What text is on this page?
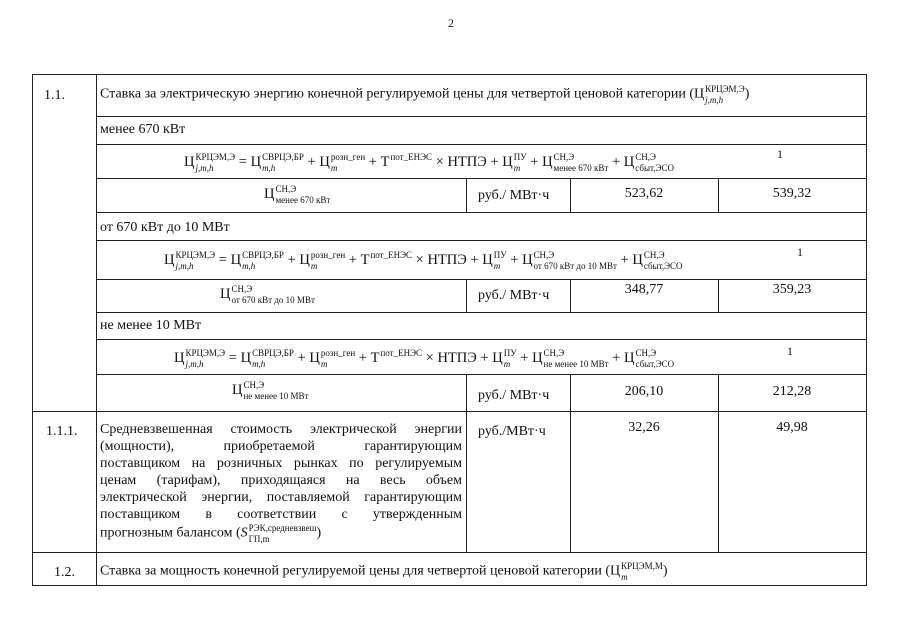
2
1.1.	Ставка за электрическую энергию конечной регулируемой цены для четвертой ценовой категории (Ц КРЦЭМ,Э
j,m,h	)
менее 670 кВт
Ц КРЦЭМ,Э
j,m,h	= Ц СВРЦЭ,БР
m,h	+ Ц розн_ген
m	+ Т пот_ЕНЭС
× НТПЭ + Ц ПУ
m + Ц СН,Э
менее 670 кВт + Ц СН,Э
сбыт,ЭСО
1
Ц СН,Э
менее 670 кВт	руб./ МВт·ч	523,62	539,32
от 670 кВт до 10 МВт
Ц КРЦЭМ,Э
j,m,h	= Ц СВРЦЭ,БР
m,h	+ Ц розн_ген
m	+ Т пот_ЕНЭС
× НТПЭ + Ц ПУ
m + Ц СН,Э
от 670 кВт до 10 МВт + Ц СН,Э
сбыт,ЭСО
1
Ц СН,Э
от 670 кВт до 10 МВт	руб./ МВт·ч	348,77	359,23
не менее 10 МВт
Ц КРЦЭМ,Э
j,m,h	= Ц СВРЦЭ,БР
m,h	+ Ц розн_ген
m	+ Т пот_ЕНЭС
× НТПЭ + Ц ПУ
m + Ц СН,Э
не менее 10 МВт + Ц СН,Э
сбыт,ЭСО
1
Ц СН,Э
не менее 10 МВт	руб./ МВт·ч	206,10	212,28
1.1.1. Средневзвешенная стоимость электрической энергии
(мощности), приобретаемой гарантирующим
поставщиком на розничных рынках по регулируемым
ценам (тарифам), приходящаяся на весь объем
электрической энергии, поставляемой гарантирующим
поставщиком в соответствии с утвержденным
прогнозным балансом (S РЭК,средневзвеш
ГП,m	)
руб./МВт·ч	32,26	49,98
1.2. Ставка за мощность конечной регулируемой цены для четвертой ценовой категории (Ц КРЦЭМ,М
m	)
